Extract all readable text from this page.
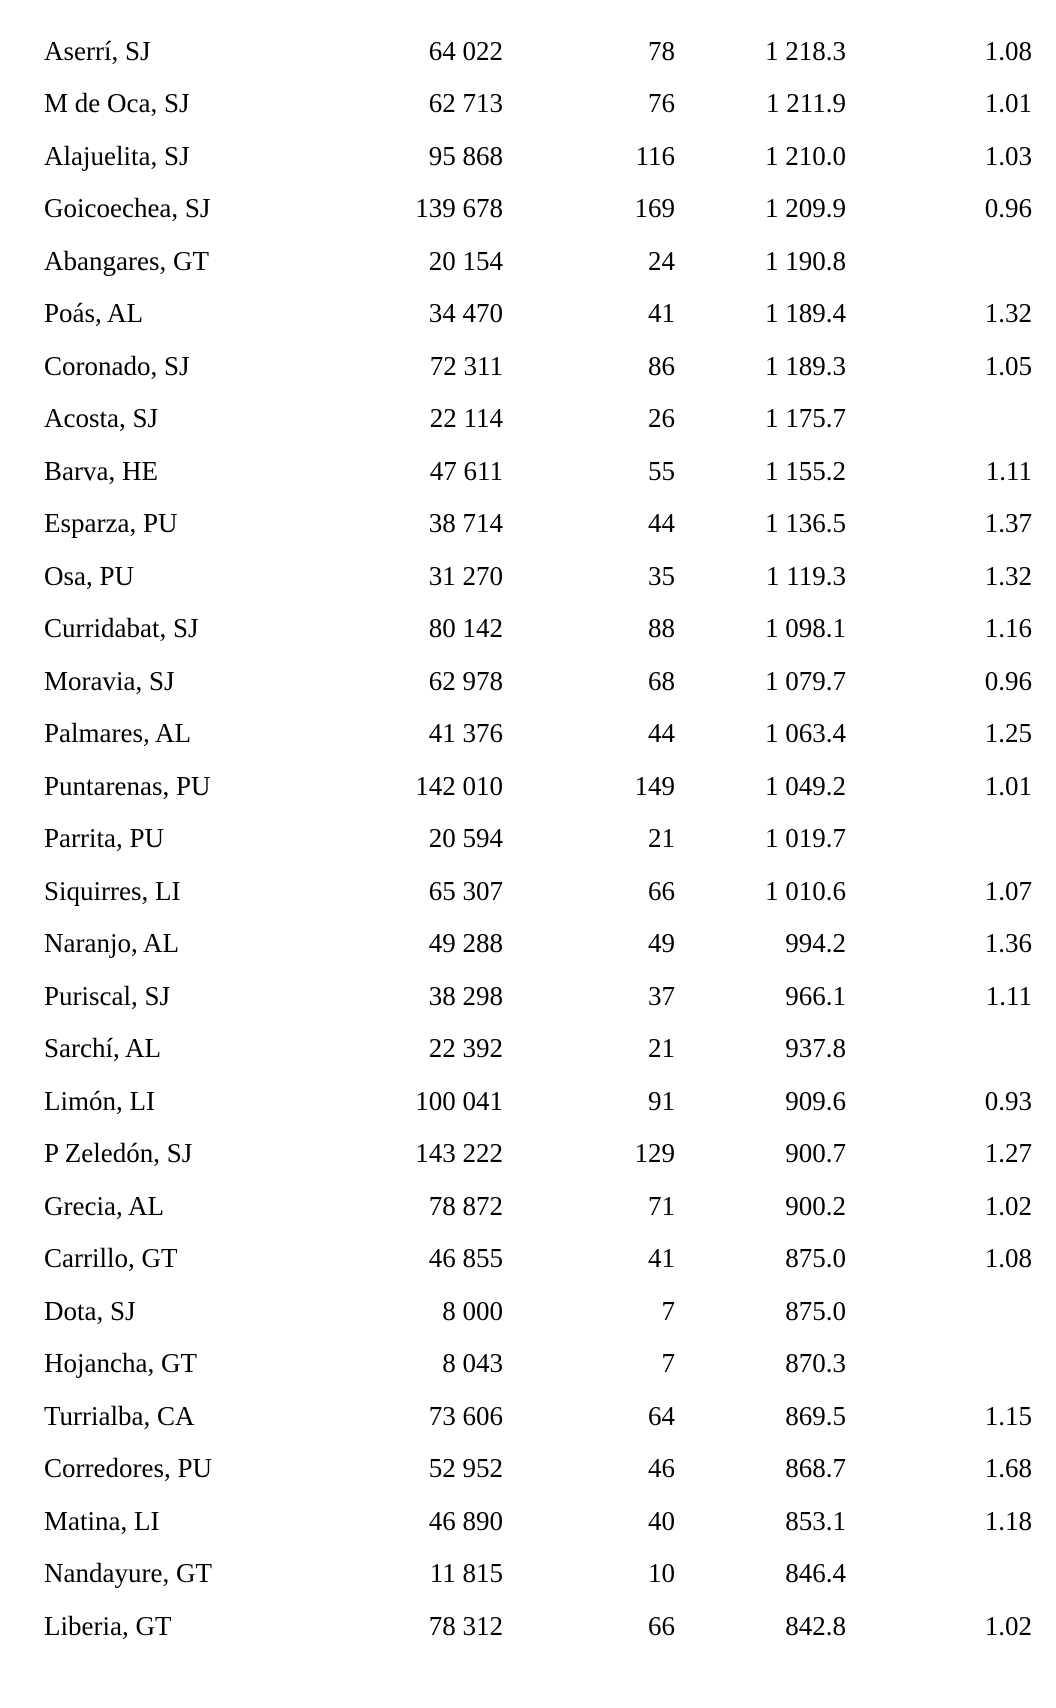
Aserrí, SJ	64 022	78	1 218.3	1.08	
M de Oca, SJ	62 713	76	1 211.9	1.01	
Alajuelita, SJ	95 868	116	1 210.0	1.03	
Goicoechea, SJ	139 678	169	1 209.9	0.96	
Abangares, GT	20 154	24	1 190.8		
Poás, AL	34 470	41	1 189.4	1.32	
Coronado, SJ	72 311	86	1 189.3	1.05	
Acosta, SJ	22 114	26	1 175.7		
Barva, HE	47 611	55	1 155.2	1.11	
Esparza, PU	38 714	44	1 136.5	1.37	
Osa, PU	31 270	35	1 119.3	1.32	
Curridabat, SJ	80 142	88	1 098.1	1.16	
Moravia, SJ	62 978	68	1 079.7	0.96	
Palmares, AL	41 376	44	1 063.4	1.25	
Puntarenas, PU	142 010	149	1 049.2	1.01	
Parrita, PU	20 594	21	1 019.7		
Siquirres, LI	65 307	66	1 010.6	1.07	
Naranjo, AL	49 288	49	994.2	1.36	
Puriscal, SJ	38 298	37	966.1	1.11	
Sarchí, AL	22 392	21	937.8		
Limón, LI	100 041	91	909.6	0.93	
P Zeledón, SJ	143 222	129	900.7	1.27	
Grecia, AL	78 872	71	900.2	1.02	
Carrillo, GT	46 855	41	875.0	1.08	
Dota, SJ	8 000	7	875.0		
Hojancha, GT	8 043	7	870.3		
Turrialba, CA	73 606	64	869.5	1.15	
Corredores, PU	52 952	46	868.7	1.68	
Matina, LI	46 890	40	853.1	1.18	
Nandayure, GT	11 815	10	846.4		
Liberia, GT	78 312	66	842.8	1.02	
